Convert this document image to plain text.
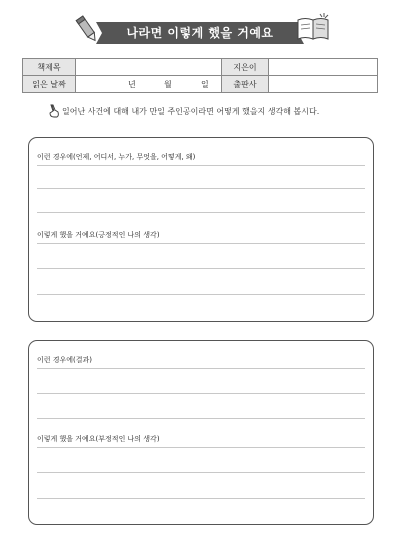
나라면 이렇게 했을 거예요
책제목		지은이	
읽은 날짜	년 월 일	출판사	
일어난 사건에 대해 내가 만일 주인공이라면 어떻게 했을지 생각해 봅시다.
이런 경우에(언제, 어디서, 누가, 무엇을, 어떻게, 왜)
이렇게 했을 거예요(긍정적인 나의 생각)
이런 경우에(결과)
이렇게 했을 거예요(부정적인 나의 생각)
